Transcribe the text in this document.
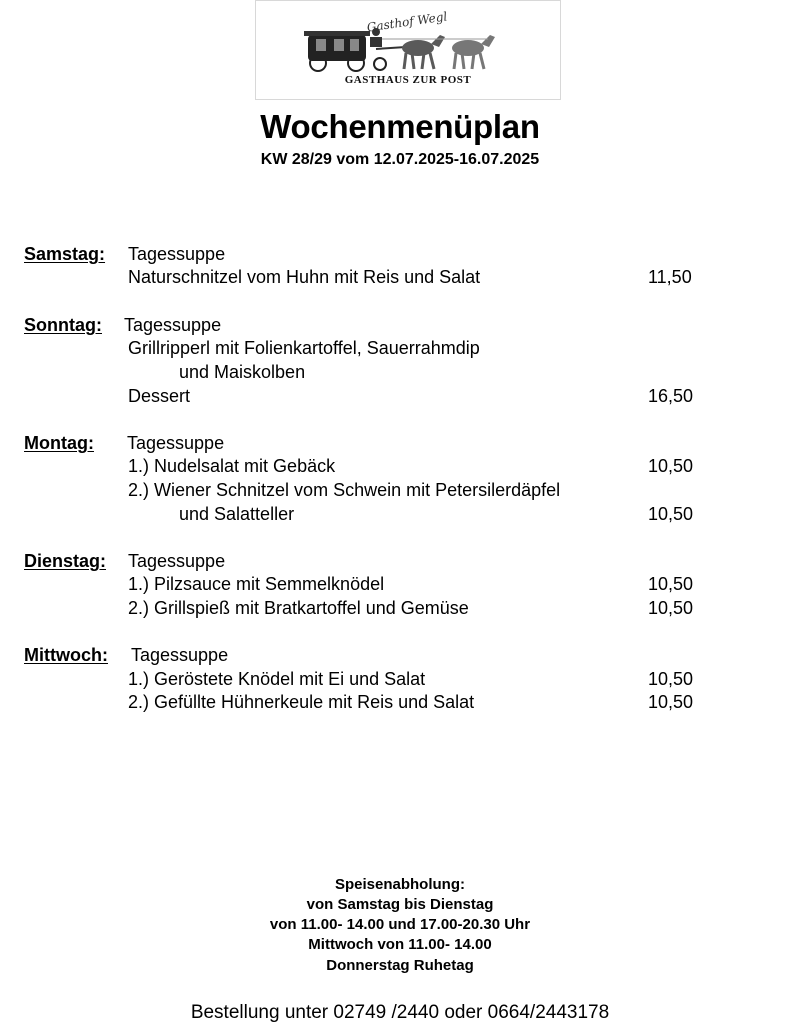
Gasthof Wegl
GASTHAUS ZUR POST
Wochenmenüplan
KW 28/29 vom 12.07.2025-16.07.2025
Samstag: Tagessuppe
Naturschnitzel vom Huhn mit Reis und Salat	11,50
Sonntag: Tagessuppe
Grillripperl mit Folienkartoffel, Sauerrahmdip
und Maiskolben
Dessert	16,50
Montag: Tagessuppe
1.) Nudelsalat mit Gebäck	10,50
2.) Wiener Schnitzel vom Schwein mit Petersilerdäpfel
und Salatteller	10,50
Dienstag: Tagessuppe
1.) Pilzsauce mit Semmelknödel	10,50
2.) Grillspieß mit Bratkartoffel und Gemüse	10,50
Mittwoch: Tagessuppe
1.) Geröstete Knödel mit Ei und Salat	10,50
2.) Gefüllte Hühnerkeule mit Reis und Salat	10,50
Speisenabholung:
von Samstag bis Dienstag
von 11.00- 14.00 und 17.00-20.30 Uhr
Mittwoch von 11.00- 14.00
Donnerstag Ruhetag
Bestellung unter 02749 /2440 oder 0664/2443178
